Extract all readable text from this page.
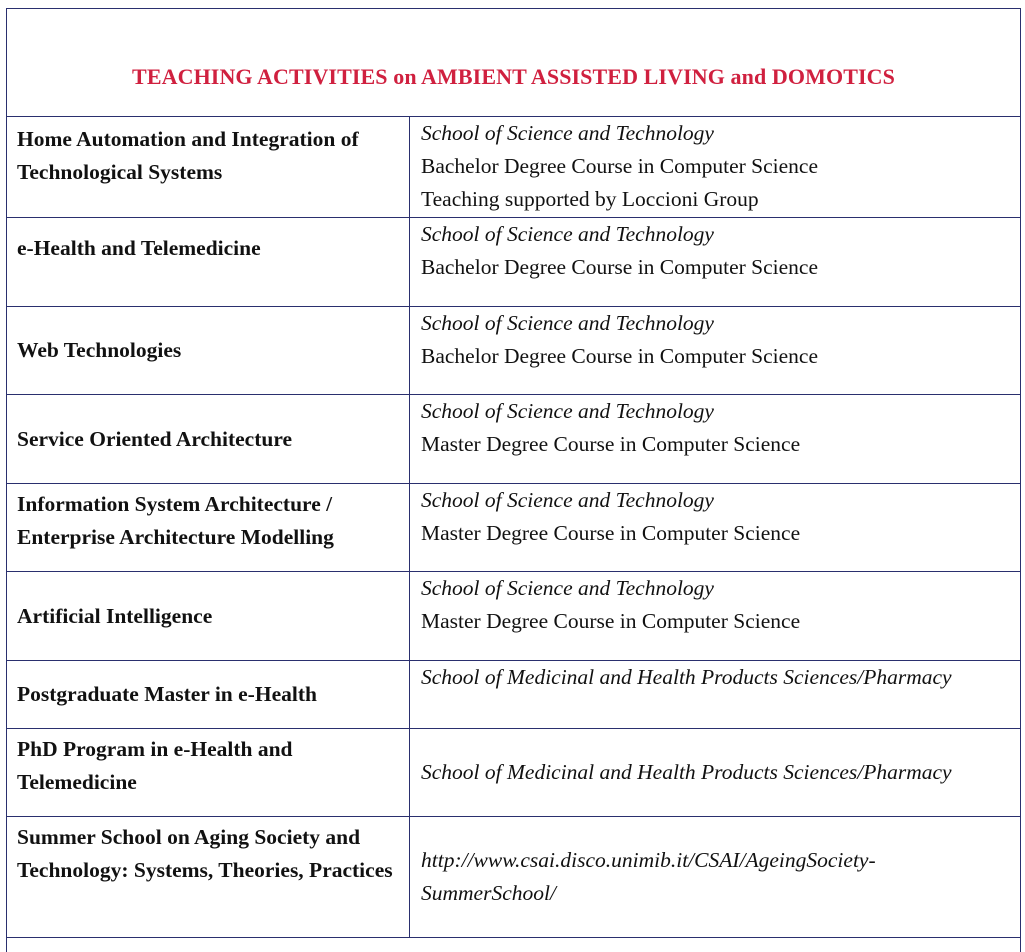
TEACHING ACTIVITIES on AMBIENT ASSISTED LIVING and DOMOTICS	
Home Automation and Integration of Technological Systems	School of Science and Technology
Bachelor Degree Course in Computer Science
Teaching supported by Loccioni Group

e-Health and Telemedicine	School of Science and Technology
Bachelor Degree Course in Computer Science

Web Technologies	School of Science and Technology
Bachelor Degree Course in Computer Science

Service Oriented Architecture	School of Science and Technology
Master Degree Course in Computer Science

Information System Architecture / Enterprise Architecture Modelling	School of Science and Technology
Master Degree Course in Computer Science

Artificial Intelligence	School of Science and Technology
Master Degree Course in Computer Science

Postgraduate Master in e-Health	School of Medicinal and Health Products Sciences/Pharmacy
PhD Program in e-Health and Telemedicine	School of Medicinal and Health Products Sciences/Pharmacy
Summer School on Aging Society and Technology: Systems, Theories, Practices	http://www.csai.disco.unimib.it/CSAI/AgeingSociety-SummerSchool/
